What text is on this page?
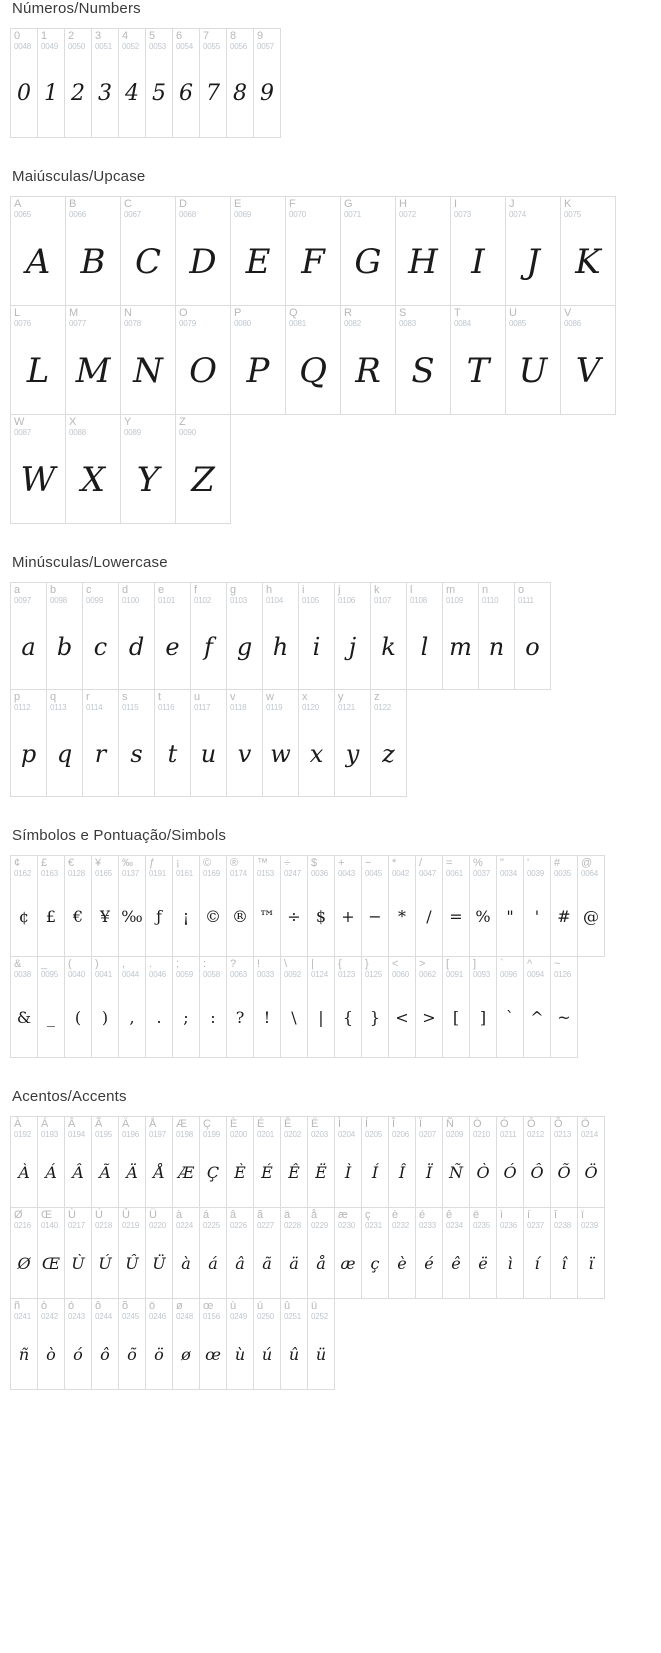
Números/Numbers
0
0048
0
1
0049
1
2
0050
2
3
0051
3
4
0052
4
5
0053
5
6
0054
6
7
0055
7
8
0056
8
9
0057
9
Maiúsculas/Upcase
A
0065
A
B
0066
B
C
0067
C
D
0068
D
E
0069
E
F
0070
F
G
0071
G
H
0072
H
I
0073
I
J
0074
J
K
0075
K
L
0076
L
M
0077
M
N
0078
N
O
0079
O
P
0080
P
Q
0081
Q
R
0082
R
S
0083
S
T
0084
T
U
0085
U
V
0086
V
W
0087
W
X
0088
X
Y
0089
Y
Z
0090
Z
Minúsculas/Lowercase
a
0097
a
b
0098
b
c
0099
c
d
0100
d
e
0101
e
f
0102
f
g
0103
g
h
0104
h
i
0105
i
j
0106
j
k
0107
k
l
0108
l
m
0109
m
n
0110
n
o
0111
o
p
0112
p
q
0113
q
r
0114
r
s
0115
s
t
0116
t
u
0117
u
v
0118
v
w
0119
w
x
0120
x
y
0121
y
z
0122
z
Símbolos e Pontuação/Simbols
¢
0162
¢
£
0163
£
€
0128
€
¥
0165
¥
‰
0137
‰
ƒ
0191
ƒ
¡
0161
¡
©
0169
©
®
0174
®
™
0153
™
÷
0247
÷
$
0036
$
+
0043
+
−
0045
−
*
0042
*
/
0047
/
=
0061
=
%
0037
%
"
0034
"
'
0039
'
#
0035
#
@
0064
@
&
0038
&
_
0095
_
(
0040
(
)
0041
)
,
0044
,
.
0046
.
;
0059
;
:
0058
:
?
0063
?
!
0033
!
\
0092
\
|
0124
|
{
0123
{
}
0125
}
<
0060
<
>
0062
>
[
0091
[
]
0093
]
`
0096
`
^
0094
^
~
0126
~
Acentos/Accents
À
0192
À
Á
0193
Á
Â
0194
Â
Ã
0195
Ã
Ä
0196
Ä
Å
0197
Å
Æ
0198
Æ
Ç
0199
Ç
È
0200
È
É
0201
É
Ê
0202
Ê
Ë
0203
Ë
Ì
0204
Ì
Í
0205
Í
Î
0206
Î
Ï
0207
Ï
Ñ
0209
Ñ
Ò
0210
Ò
Ó
0211
Ó
Ô
0212
Ô
Õ
0213
Õ
Ö
0214
Ö
Ø
0216
Ø
Œ
0140
Œ
Ù
0217
Ù
Ú
0218
Ú
Û
0219
Û
Ü
0220
Ü
à
0224
à
á
0225
á
â
0226
â
ã
0227
ã
ä
0228
ä
å
0229
å
æ
0230
æ
ç
0231
ç
è
0232
è
é
0233
é
ê
0234
ê
ë
0235
ë
ì
0236
ì
í
0237
í
î
0238
î
ï
0239
ï
ñ
0241
ñ
ò
0242
ò
ó
0243
ó
ô
0244
ô
õ
0245
õ
ö
0246
ö
ø
0248
ø
œ
0156
œ
ù
0249
ù
ú
0250
ú
û
0251
û
ü
0252
ü
